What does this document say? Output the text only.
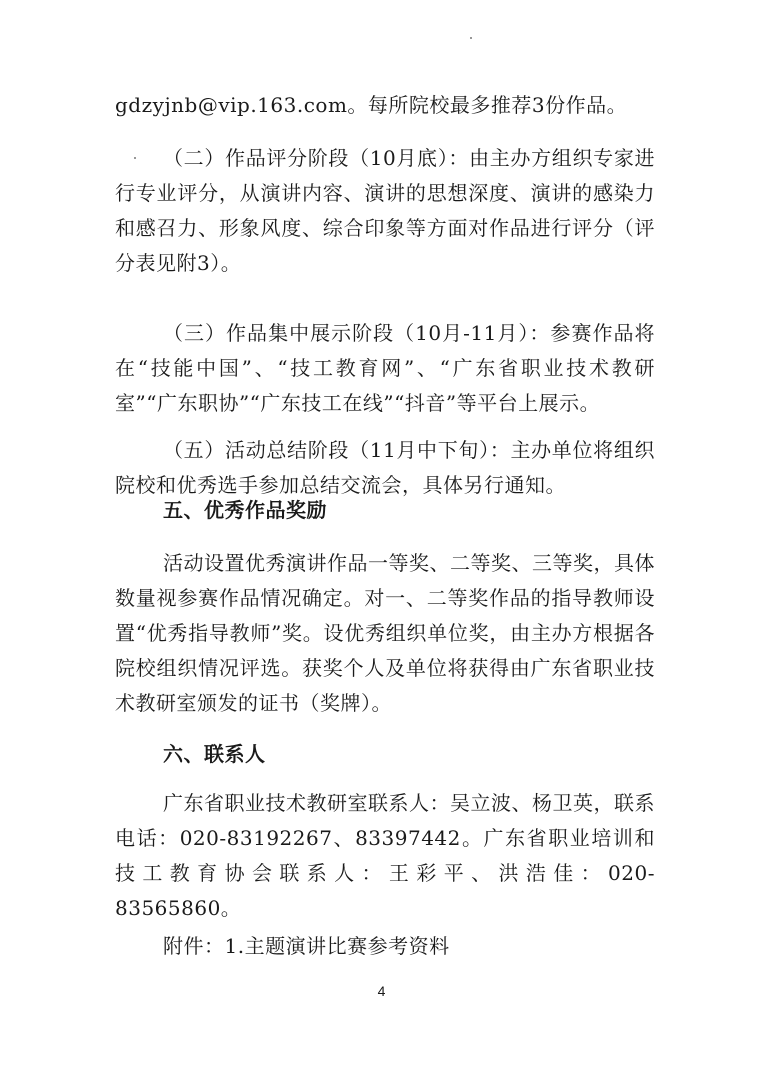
gdzyjnb@vip.163.com。每所院校最多推荐3份作品。
（二）作品评分阶段（10月底）：由主办方组织专家进行专业评分，从演讲内容、演讲的思想深度、演讲的感染力和感召力、形象风度、综合印象等方面对作品进行评分（评分表见附3）。
（三）作品集中展示阶段（10月-11月）：参赛作品将在“技能中国”、“技工教育网”、“广东省职业技术教研室”“广东职协”“广东技工在线”“抖音”等平台上展示。
（五）活动总结阶段（11月中下旬）：主办单位将组织院校和优秀选手参加总结交流会，具体另行通知。
五、优秀作品奖励
活动设置优秀演讲作品一等奖、二等奖、三等奖，具体数量视参赛作品情况确定。对一、二等奖作品的指导教师设置“优秀指导教师”奖。设优秀组织单位奖，由主办方根据各院校组织情况评选。获奖个人及单位将获得由广东省职业技术教研室颁发的证书（奖牌）。
六、联系人
广东省职业技术教研室联系人：吴立波、杨卫英，联系电话：020-83192267、83397442。广东省职业培训和技工教育协会联系人：王彩平、洪浩佳：020-83565860。
附件：1.主题演讲比赛参考资料
4
